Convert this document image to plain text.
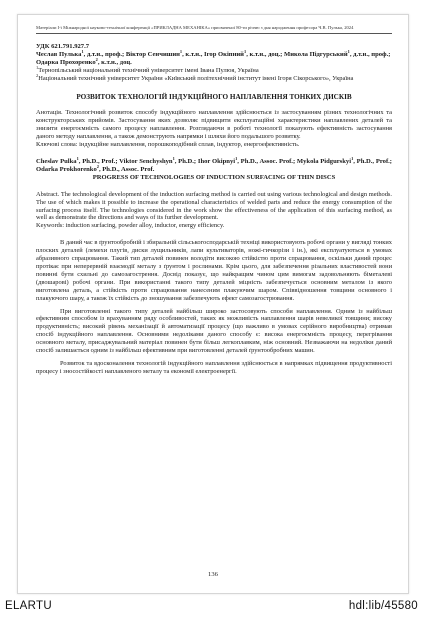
Матеріали I-ї Міжнародної науково-технічної конференції «ПРИКЛАДНА МЕХАНІКА» присвяченої 80-ти річчю з дня народження професора Ч.В. Пулька, 2024
УДК 621.791.927.7
Чеслав Пулька$^1$, д.т.н., проф.; Віктор Сенчишин$^1$, к.т.н., Ігор Окіпний$^1$, к.т.н., доц.; Микола Підгурський$^1$, д.т.н., проф.; Одарка Прохоренко$^2$, к.т.н., доц.
$^1$Тернопільський національний технічний університет імені Івана Пулюя, Україна
$^2$Національний технічний університет України «Київський політехнічний інститут імені Ігоря Сікорського», Україна
РОЗВИТОК ТЕХНОЛОГІЙ ІНДУКЦІЙНОГО НАПЛАВЛЕННЯ ТОНКИХ ДИСКІВ
Анотація. Технологічний розвиток способу індукційного наплавлення здійснюється із застосуванням різних технологічних та конструкторських прийомів. Застосування яких дозволяє підвищити експлуатаційні характеристики наплавлених деталей та знизити енергоємність самого процесу наплавлення. Розглядаючи в роботі технології показують ефективність застосування даного методу наплавлення, а також демонструють напрямки і шляхи його подальшого розвитку.
Ключові слова: індукційне наплавлення, порошкоподібний сплав, індуктор, енергоефективність.
Cheslav Pulka$^1$, Ph.D., Prof.; Viktor Senchyshyn$^1$, Ph.D.; Ihor Okipnyi$^1$, Ph.D., Assoc. Prof.; Mykola Pidgurskyi$^1$, Ph.D., Prof.; Odarka Prokhorenko$^2$, Ph.D., Assoc. Prof.
PROGRESS OF TECHNOLOGIES OF INDUCTION SURFACING OF THIN DISCS
Abstract. The technological development of the induction surfacing method is carried out using various technological and design methods. The use of which makes it possible to increase the operational characteristics of welded parts and reduce the energy consumption of the surfacing process itself. The technologies considered in the work show the effectiveness of the application of this surfacing method, as well as demonstrate the directions and ways of its further development.
Keywords: induction surfacing, powder alloy, inductor, energy efficiency.
В даний час в ґрунтообробній і збиральній сільськогосподарській техніці використовують робочі органи у вигляді тонких плоских деталей (лемехи плугів, диски лущильників, лапи культиваторів, ножі-гичкорізи і ін.), які експлуатуються в умовах абразивного спрацювання. Такий тип деталей повинен володіти високою стійкістю проти спрацювання, оскільки даний процес протікає при неперервній взаємодії металу з ґрунтом і рослинами. Крім цього, для забезпечення різальних властивостей вони повинні бути схильні до самозагострення. Досвід показує, що найкращим чином цим вимогам задовольняють біметалеві (двошарові) робочі органи. При використанні такого типу деталей міцність забезпечується основним металом із якого виготовлена деталь, а стійкість проти спрацювання нанесеним плакуючим шаром. Співвідношення товщини основного і плакуючого шару, а також їх стійкість до зношування забезпечують ефект самозагострювання.
При виготовленні такого типу деталей найбільш широко застосовують способи наплавлення. Одним із найбільш ефективним способом із врахуванням ряду особливостей, таких як можливість наплавлення шарів невеликої товщини; високу продуктивність; високий рівень механізації й автоматизації процесу (що важливо в умовах серійного виробництва) отримав спосіб індукційного наплавлення. Основними недоліками даного способу є: висока енергоємність процесу, перегрівання основного металу, присаджувальний матеріал повинен бути більш легкоплавким, ніж основний. Незважаючи на недоліки даний спосіб залишається одним із найбільш ефективним при виготовленні деталей ґрунтообробних машин.
Розвиток та вдосконалення технологій індукційного наплавлення здійснюється в напрямках підвищення продуктивності процесу і зносостійкості наплавленого металу та економії електроенергії.
136
ELARTU	hdl:lib/45580
